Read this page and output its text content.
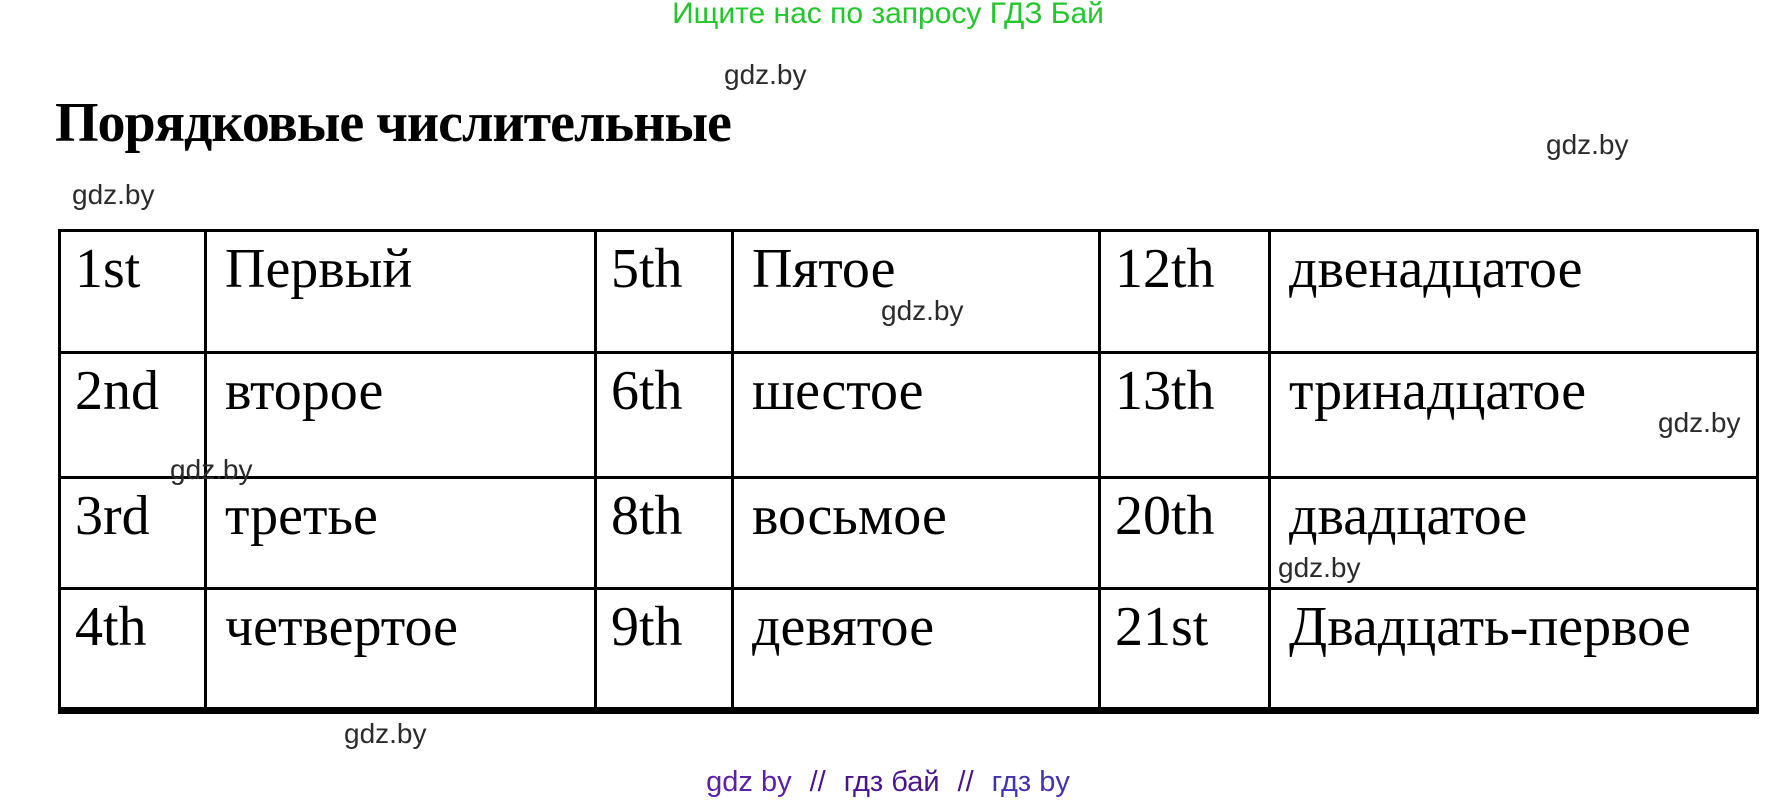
Ищите нас по запросу ГДЗ Бай
Порядковые числительные
1st	Первый	5th	Пятое	12th	двенадцатое
2nd	второе	6th	шестое	13th	тринадцатое
3rd	третье	8th	восьмое	20th	двадцатое
4th	четвертое	9th	девятое	21st	Двадцать-первое
gdz.by
gdz.by
gdz.by
gdz.by
gdz.by
gdz.by
gdz.by
gdz.by
gdz by // гдз бай // гдз by
